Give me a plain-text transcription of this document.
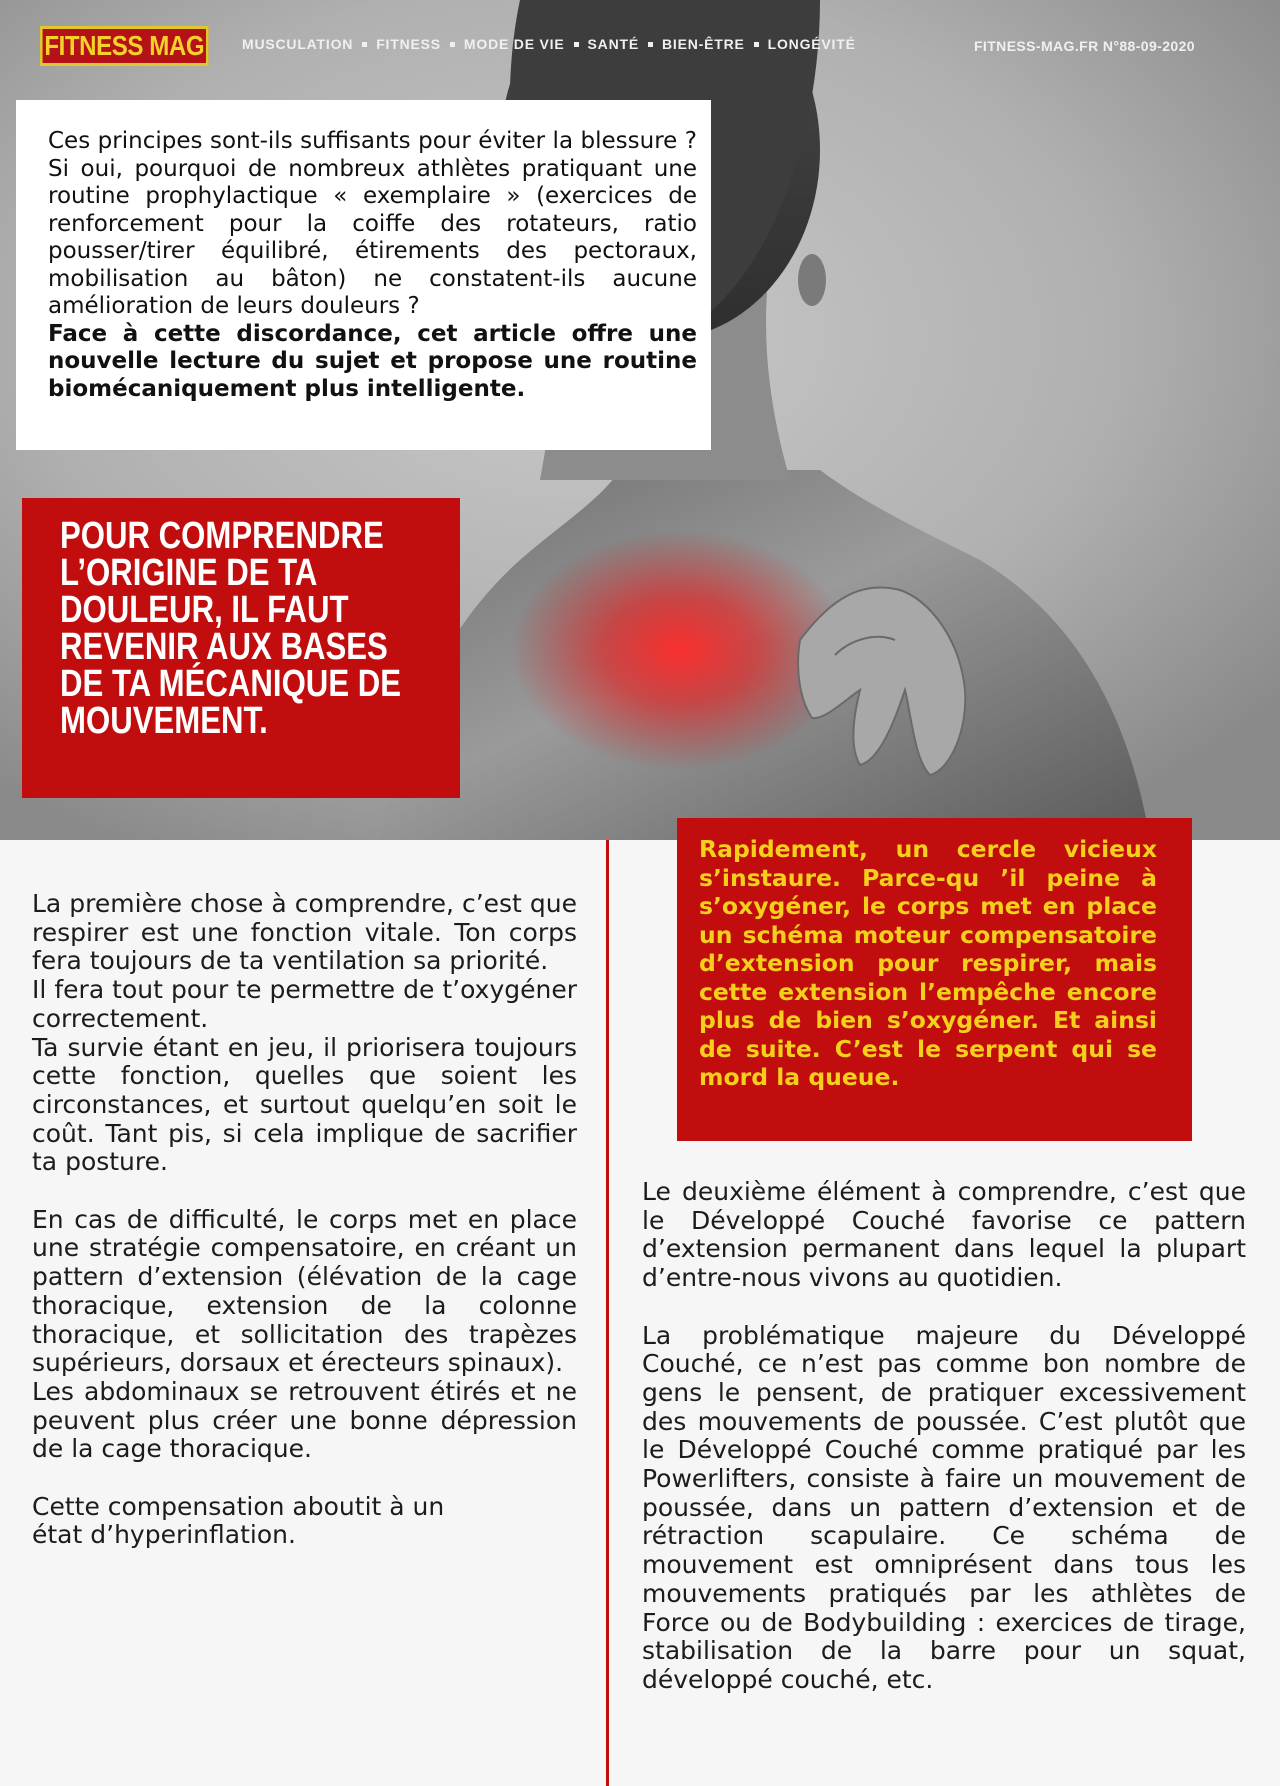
FITNESS MAG	MUSCULATION FITNESS MODE DE VIE SANTÉ BIEN-ÊTRE LONGÉVITÉ	FITNESS-MAG.FR N°88-09-2020

Ces principes sont-ils suffisants pour éviter la blessure ? Si oui, pourquoi de nombreux athlètes pratiquant une routine prophylactique « exemplaire » (exercices de renforcement pour la coiffe des rotateurs, ratio pousser/tirer équilibré, étirements des pectoraux, mobilisation au bâton) ne constatent-ils aucune amélioration de leurs douleurs ?

Face à cette discordance, cet article offre une nouvelle lecture du sujet et propose une routine biomécaniquement plus intelligente.

POUR COMPRENDRE L’ORIGINE DE TA DOULEUR, IL FAUT REVENIR AUX BASES DE TA MÉCANIQUE DE MOUVEMENT.

La première chose à comprendre, c’est que respirer est une fonction vitale. Ton corps fera toujours de ta ventilation sa priorité.

Il fera tout pour te permettre de t’oxygéner correctement.

Ta survie étant en jeu, il priorisera toujours cette fonction, quelles que soient les circonstances, et surtout quelqu’en soit le coût. Tant pis, si cela implique de sacrifier ta posture.

En cas de difficulté, le corps met en place une stratégie compensatoire, en créant un pattern d’extension (élévation de la cage thoracique, extension de la colonne thoracique, et sollicitation des trapèzes supérieurs, dorsaux et érecteurs spinaux).

Les abdominaux se retrouvent étirés et ne peuvent plus créer une bonne dépression de la cage thoracique.

Cette compensation aboutit à un état d’hyperinflation.

Rapidement, un cercle vicieux s’instaure. Parce-qu ’il peine à s’oxygéner, le corps met en place un schéma moteur compensatoire d’extension pour respirer, mais cette extension l’empêche encore plus de bien s’oxygéner. Et ainsi de suite. C’est le serpent qui se mord la queue.

Le deuxième élément à comprendre, c’est que le Développé Couché favorise ce pattern d’extension permanent dans lequel la plupart d’entre-nous vivons au quotidien.

La problématique majeure du Développé Couché, ce n’est pas comme bon nombre de gens le pensent, de pratiquer excessivement des mouvements de poussée. C’est plutôt que le Développé Couché comme pratiqué par les Powerlifters, consiste à faire un mouvement de poussée, dans un pattern d’extension et de rétraction scapulaire. Ce schéma de mouvement est omniprésent dans tous les mouvements pratiqués par les athlètes de Force ou de Bodybuilding : exercices de tirage, stabilisation de la barre pour un squat, développé couché, etc.
